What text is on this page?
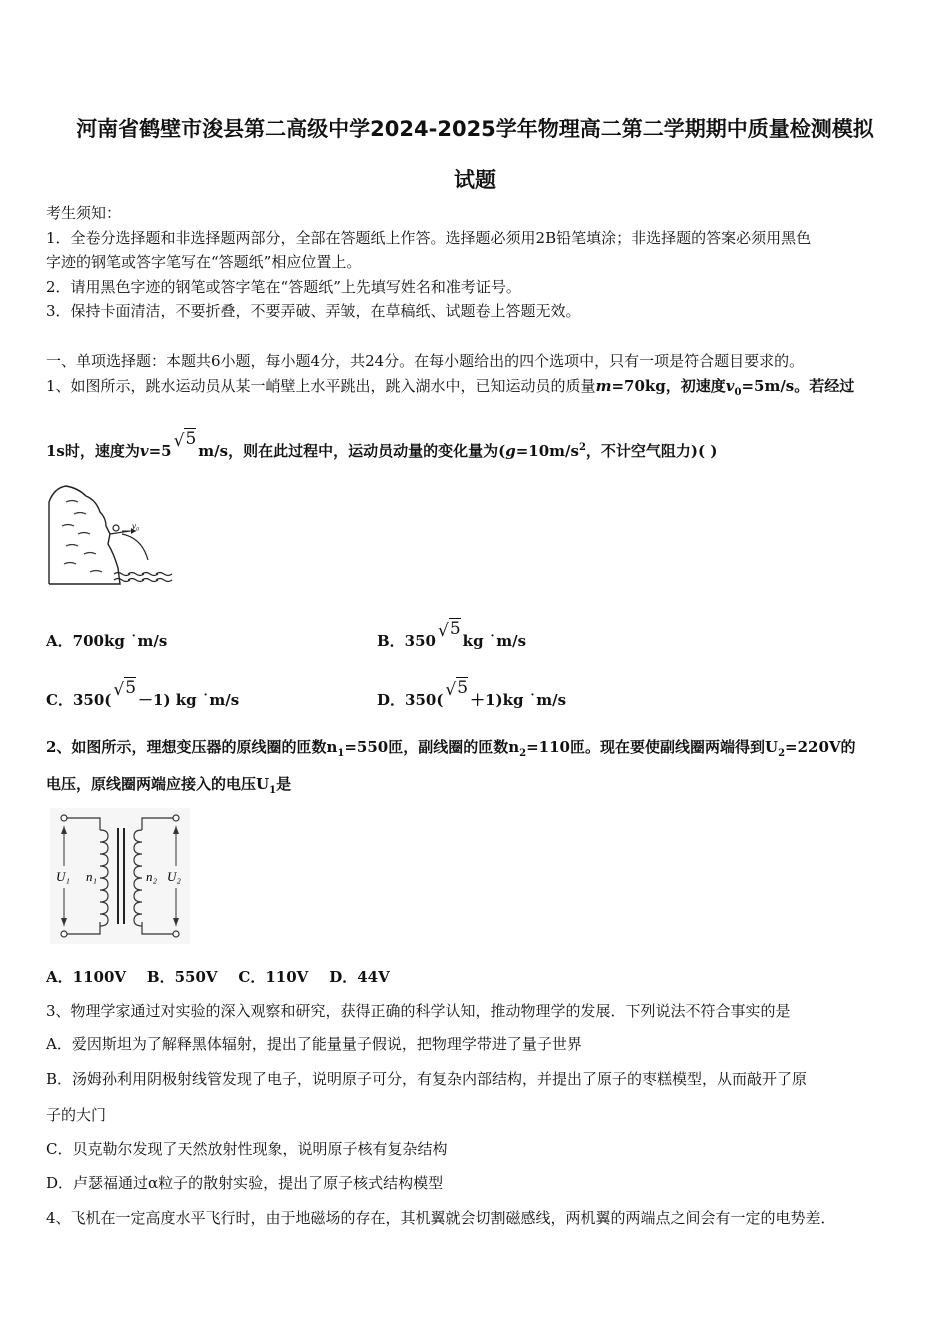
河南省鹤壁市浚县第二高级中学2024-2025学年物理高二第二学期期中质量检测模拟
试题
考生须知：
1．全卷分选择题和非选择题两部分，全部在答题纸上作答。选择题必须用2B铅笔填涂；非选择题的答案必须用黑色
字迹的钢笔或答字笔写在“答题纸”相应位置上。
2．请用黑色字迹的钢笔或答字笔在“答题纸”上先填写姓名和准考证号。
3．保持卡面清洁，不要折叠，不要弄破、弄皱，在草稿纸、试题卷上答题无效。
一、单项选择题：本题共6小题，每小题4分，共24分。在每小题给出的四个选项中，只有一项是符合题目要求的。
1、如图所示，跳水运动员从某一峭壁上水平跳出，跳入湖水中，已知运动员的质量m=70kg，初速度$v_0=5m/s$。若经过
1s时，速度为v=5 √5m/s，则在此过程中，运动员动量的变化量为($g=10m/s^2$，不计空气阻力)( )
v₀
A．700kg ˙m/s	B．350 √5kg ˙m/s
C．350( √5－1) kg ˙m/s	D．350( √5＋1)kg ˙m/s
2、如图所示，理想变压器的原线圈的匝数$n_1=550$匝，副线圈的匝数$n_2=110$匝。现在要使副线圈两端得到$U_2=220V$的
电压，原线圈两端应接入的电压$U_1$是
U₁ n₁	n₂ U₂
A．1100V    B．550V    C．110V    D．44V
3、物理学家通过对实验的深入观察和研究，获得正确的科学认知，推动物理学的发展．下列说法不符合事实的是
A．爱因斯坦为了解释黑体辐射，提出了能量量子假说，把物理学带进了量子世界
B．汤姆孙利用阴极射线管发现了电子，说明原子可分，有复杂内部结构，并提出了原子的枣糕模型，从而敲开了原
子的大门
C．贝克勒尔发现了天然放射性现象，说明原子核有复杂结构
D．卢瑟福通过α粒子的散射实验，提出了原子核式结构模型
4、飞机在一定高度水平飞行时，由于地磁场的存在，其机翼就会切割磁感线，两机翼的两端点之间会有一定的电势差．
